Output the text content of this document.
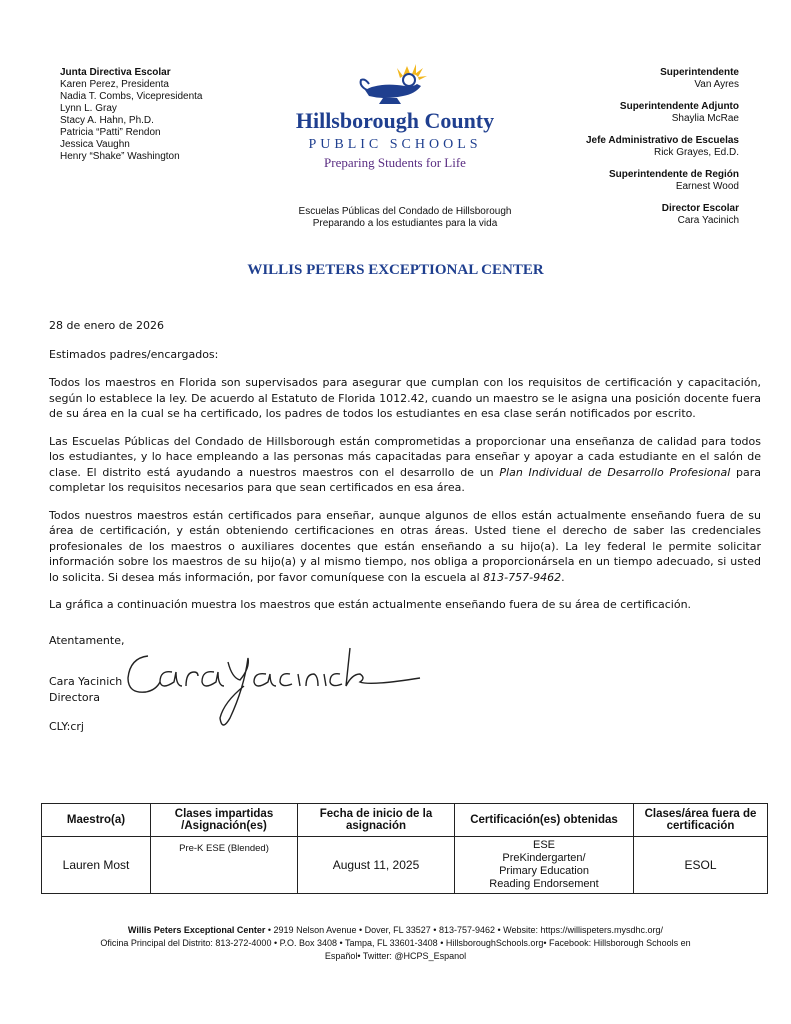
Junta Directiva Escolar
Karen Perez, Presidenta
Nadia T. Combs, Vicepresidenta
Lynn L. Gray
Stacy A. Hahn, Ph.D.
Patricia “Patti” Rendon
Jessica Vaughn
Henry “Shake” Washington
Hillsborough County
PUBLIC SCHOOLS
Preparing Students for Life
Superintendente
Van Ayres
Superintendente Adjunto
Shaylia McRae
Jefe Administrativo de Escuelas
Rick Grayes, Ed.D.
Superintendente de Región
Earnest Wood
Director Escolar
Cara Yacinich
Escuelas Públicas del Condado de Hillsborough
Preparando a los estudiantes para la vida
WILLIS PETERS EXCEPTIONAL CENTER

28 de enero de 2026

Estimados padres/encargados:

Todos los maestros en Florida son supervisados para asegurar que cumplan con los requisitos de certificación y capacitación, según lo establece la ley. De acuerdo al Estatuto de Florida 1012.42, cuando un maestro se le asigna una posición docente fuera de su área en la cual se ha certificado, los padres de todos los estudiantes en esa clase serán notificados por escrito.

Las Escuelas Públicas del Condado de Hillsborough están comprometidas a proporcionar una enseñanza de calidad para todos los estudiantes, y lo hace empleando a las personas más capacitadas para enseñar y apoyar a cada estudiante en el salón de clase. El distrito está ayudando a nuestros maestros con el desarrollo de un Plan Individual de Desarrollo Profesional para completar los requisitos necesarios para que sean certificados en esa área.

Todos nuestros maestros están certificados para enseñar, aunque algunos de ellos están actualmente enseñando fuera de su área de certificación, y están obteniendo certificaciones en otras áreas. Usted tiene el derecho de saber las credenciales profesionales de los maestros o auxiliares docentes que están enseñando a su hijo(a). La ley federal le permite solicitar información sobre los maestros de su hijo(a) y al mismo tiempo, nos obliga a proporcionársela en un tiempo adecuado, si usted lo solicita. Si desea más información, por favor comuníquese con la escuela al 813-757-9462.

La gráfica a continuación muestra los maestros que están actualmente enseñando fuera de su área de certificación.

Atentamente,
Cara Yacinich
Directora
CLY:crj
Maestro(a)	Clases impartidas /Asignación(es)	Fecha de inicio de la asignación	Certificación(es) obtenidas	Clases/área fuera de certificación
Lauren Most	Pre-K ESE (Blended)	August 11, 2025	ESE
PreKindergarten/
Primary Education
Reading Endorsement	ESOL
Willis Peters Exceptional Center • 2919 Nelson Avenue • Dover, FL 33527 • 813-757-9462 • Website: https://willispeters.mysdhc.org/
Oficina Principal del Distrito: 813-272-4000 • P.O. Box 3408 • Tampa, FL 33601-3408 • HillsboroughSchools.org• Facebook: Hillsborough Schools en
Español• Twitter: @HCPS_Espanol
